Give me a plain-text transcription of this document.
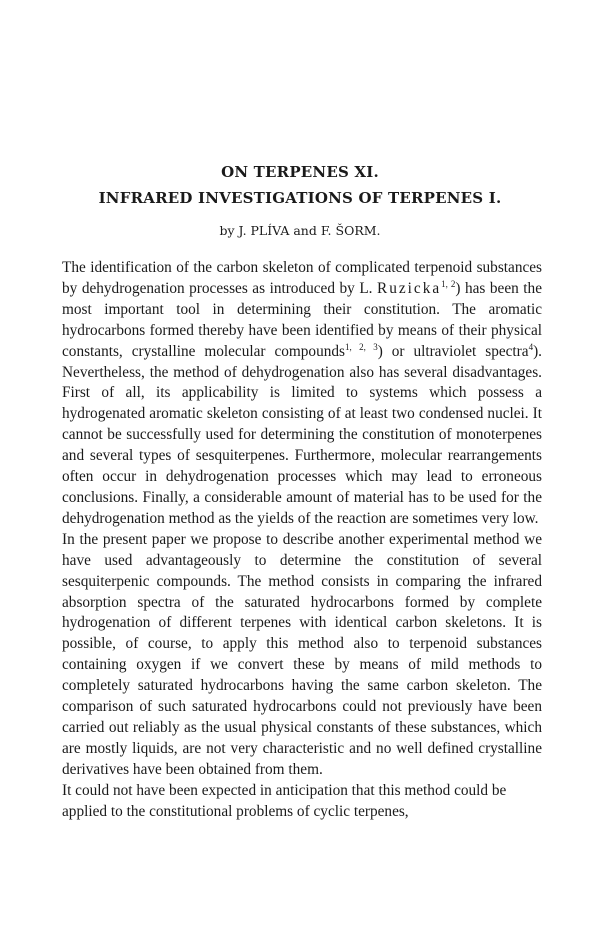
ON TERPENES XI.
INFRARED INVESTIGATIONS OF TERPENES I.
by J. PLÍVA and F. ŠORM.

The identification of the carbon skeleton of complicated terpenoid substances by dehydrogenation processes as introduced by L. Ruzicka$^{1, 2}$) has been the most important tool in determining their constitution. The aromatic hydrocarbons formed thereby have been identified by means of their physical constants, crystalline molecular compounds$^{1, 2, 3}$) or ultraviolet spectra$^4$). Nevertheless, the method of dehydrogenation also has several disadvantages. First of all, its applicability is limited to systems which possess a hydrogenated aromatic skeleton consisting of at least two condensed nuclei. It cannot be successfully used for determining the constitution of monoterpenes and several types of sesquiterpenes. Furthermore, molecular rearrangements often occur in dehydrogenation processes which may lead to erroneous conclusions. Finally, a considerable amount of material has to be used for the dehydrogenation method as the yields of the reaction are sometimes very low.

In the present paper we propose to describe another experimental method we have used advantageously to determine the constitution of several sesquiterpenic compounds. The method consists in comparing the infrared absorption spectra of the saturated hydrocarbons formed by complete hydrogenation of different terpenes with identical carbon skeletons. It is possible, of course, to apply this method also to terpenoid substances containing oxygen if we convert these by means of mild methods to completely saturated hydrocarbons having the same carbon skeleton. The comparison of such saturated hydrocarbons could not previously have been carried out reliably as the usual physical constants of these substances, which are mostly liquids, are not very characteristic and no well defined crystalline derivatives have been obtained from them.

It could not have been expected in anticipation that this method could be applied to the constitutional problems of cyclic terpenes,
